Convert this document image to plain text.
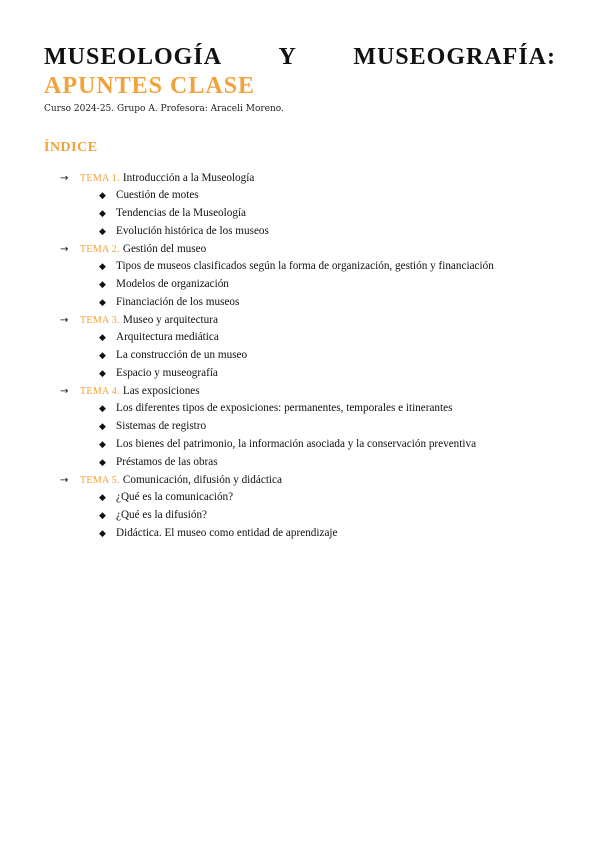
MUSEOLOGÍA Y MUSEOGRAFÍA:
APUNTES CLASE
Curso 2024-25. Grupo A. Profesora: Araceli Moreno.
ÍNDICE
→	TEMA 1. Introducción a la Museología
◆ Cuestión de motes
◆ Tendencias de la Museología
◆ Evolución histórica de los museos
→	TEMA 2. Gestión del museo
◆ Tipos de museos clasificados según la forma de organización, gestión y financiación
◆ Modelos de organización
◆ Financiación de los museos
→	TEMA 3. Museo y arquitectura
◆ Arquitectura mediática
◆ La construcción de un museo
◆ Espacio y museografía
→	TEMA 4. Las exposiciones
◆ Los diferentes tipos de exposiciones: permanentes, temporales e itinerantes
◆ Sistemas de registro
◆ Los bienes del patrimonio, la información asociada y la conservación preventiva
◆ Préstamos de las obras
→	TEMA 5. Comunicación, difusión y didáctica
◆ ¿Qué es la comunicación?
◆ ¿Qué es la difusión?
◆ Didáctica. El museo como entidad de aprendizaje
